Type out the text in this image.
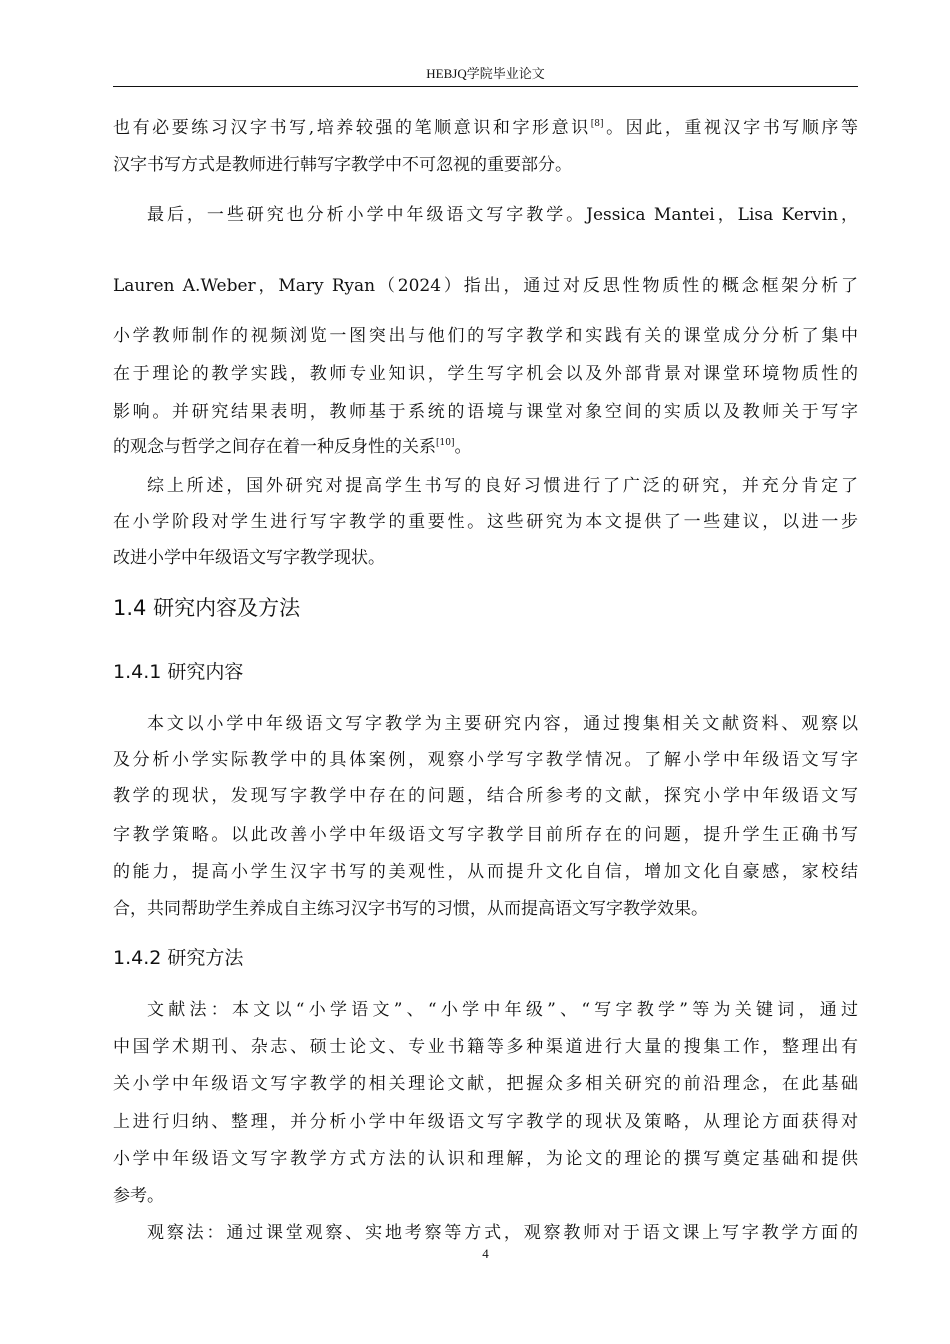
HEBJQ学院毕业论文
也有必要练习汉字书写,培养较强的笔顺意识和字形意识[8]。因此，重视汉字书写顺序等
汉字书写方式是教师进行韩写字教学中不可忽视的重要部分。
最后，一些研究也分析小学中年级语文写字教学。Jessica Mantei，Lisa Kervin，
Lauren A.Weber，Mary Ryan（2024）指出，通过对反思性物质性的概念框架分析了
小学教师制作的视频浏览一图突出与他们的写字教学和实践有关的课堂成分分析了集中
在于理论的教学实践，教师专业知识，学生写字机会以及外部背景对课堂环境物质性的
影响。并研究结果表明，教师基于系统的语境与课堂对象空间的实质以及教师关于写字
的观念与哲学之间存在着一种反身性的关系[10]。
综上所述，国外研究对提高学生书写的良好习惯进行了广泛的研究，并充分肯定了
在小学阶段对学生进行写字教学的重要性。这些研究为本文提供了一些建议，以进一步
改进小学中年级语文写字教学现状。
1.4 研究内容及方法
1.4.1 研究内容
本文以小学中年级语文写字教学为主要研究内容，通过搜集相关文献资料、观察以
及分析小学实际教学中的具体案例，观察小学写字教学情况。了解小学中年级语文写字
教学的现状，发现写字教学中存在的问题，结合所参考的文献，探究小学中年级语文写
字教学策略。以此改善小学中年级语文写字教学目前所存在的问题，提升学生正确书写
的能力，提高小学生汉字书写的美观性，从而提升文化自信，增加文化自豪感，家校结
合，共同帮助学生养成自主练习汉字书写的习惯，从而提高语文写字教学效果。
1.4.2 研究方法
文献法：本文以“小学语文”、“小学中年级”、“写字教学”等为关键词，通过
中国学术期刊、杂志、硕士论文、专业书籍等多种渠道进行大量的搜集工作，整理出有
关小学中年级语文写字教学的相关理论文献，把握众多相关研究的前沿理念，在此基础
上进行归纳、整理，并分析小学中年级语文写字教学的现状及策略，从理论方面获得对
小学中年级语文写字教学方式方法的认识和理解，为论文的理论的撰写奠定基础和提供
参考。
观察法：通过课堂观察、实地考察等方式，观察教师对于语文课上写字教学方面的
4
